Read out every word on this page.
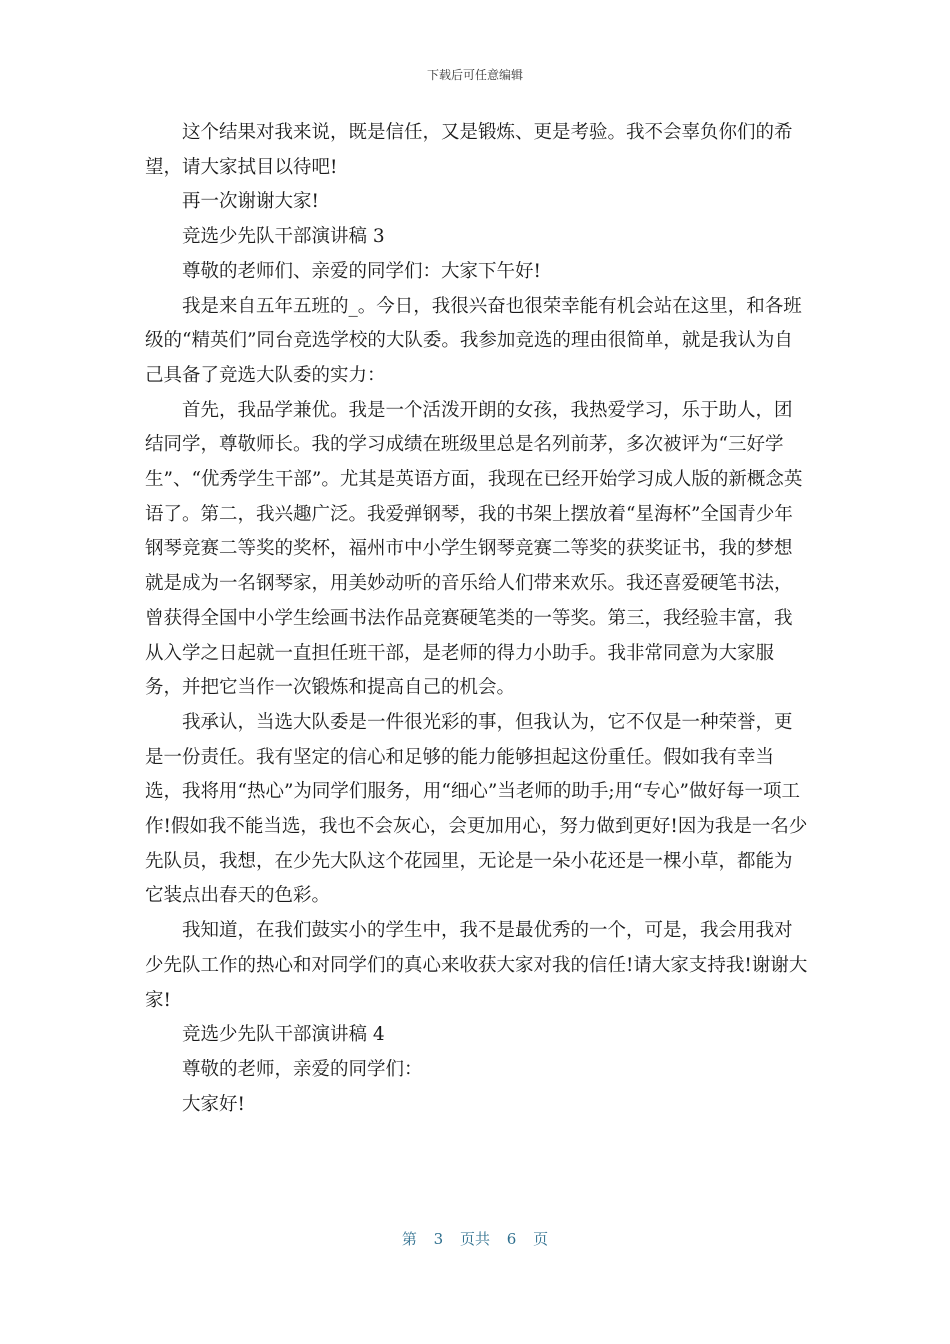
下载后可任意编辑

这个结果对我来说，既是信任，又是锻炼、更是考验。我不会辜负你们的希望，请大家拭目以待吧!

再一次谢谢大家!

竞选少先队干部演讲稿 3

尊敬的老师们、亲爱的同学们：大家下午好!

我是来自五年五班的_。今日，我很兴奋也很荣幸能有机会站在这里，和各班级的“精英们”同台竞选学校的大队委。我参加竞选的理由很简单，就是我认为自己具备了竞选大队委的实力：

首先，我品学兼优。我是一个活泼开朗的女孩，我热爱学习，乐于助人，团结同学，尊敬师长。我的学习成绩在班级里总是名列前茅，多次被评为“三好学生”、“优秀学生干部”。尤其是英语方面，我现在已经开始学习成人版的新概念英语了。第二，我兴趣广泛。我爱弹钢琴，我的书架上摆放着“星海杯”全国青少年钢琴竞赛二等奖的奖杯，福州市中小学生钢琴竞赛二等奖的获奖证书，我的梦想就是成为一名钢琴家，用美妙动听的音乐给人们带来欢乐。我还喜爱硬笔书法，曾获得全国中小学生绘画书法作品竞赛硬笔类的一等奖。第三，我经验丰富，我从入学之日起就一直担任班干部，是老师的得力小助手。我非常同意为大家服务，并把它当作一次锻炼和提高自己的机会。

我承认，当选大队委是一件很光彩的事，但我认为，它不仅是一种荣誉，更是一份责任。我有坚定的信心和足够的能力能够担起这份重任。假如我有幸当选，我将用“热心”为同学们服务，用“细心”当老师的助手;用“专心”做好每一项工作!假如我不能当选，我也不会灰心，会更加用心，努力做到更好!因为我是一名少先队员，我想，在少先大队这个花园里，无论是一朵小花还是一棵小草，都能为它装点出春天的色彩。

我知道，在我们鼓实小的学生中，我不是最优秀的一个，可是，我会用我对少先队工作的热心和对同学们的真心来收获大家对我的信任!请大家支持我!谢谢大家!

竞选少先队干部演讲稿 4

尊敬的老师，亲爱的同学们：

大家好!

第 3 页共 6 页
